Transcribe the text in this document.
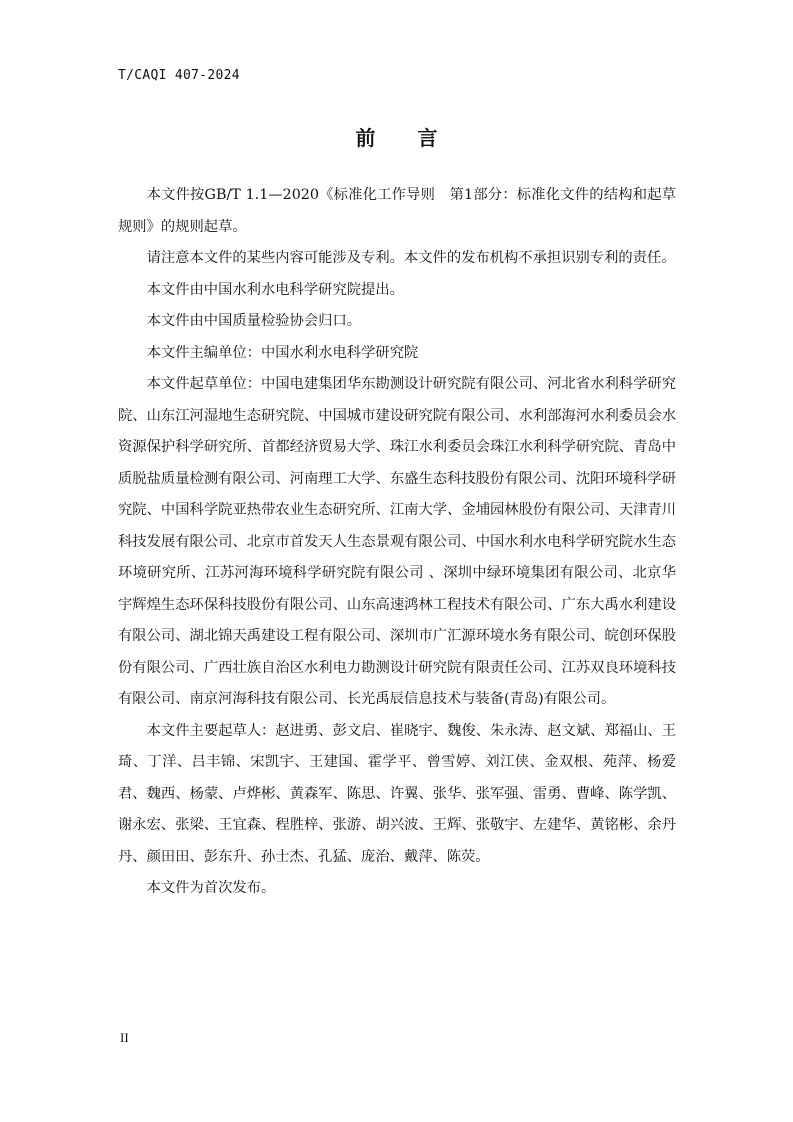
T/CAQI 407-2024
前言

本文件按GB/T 1.1—2020《标准化工作导则　第1部分：标准化文件的结构和起草规则》的规则起草。

请注意本文件的某些内容可能涉及专利。本文件的发布机构不承担识别专利的责任。

本文件由中国水利水电科学研究院提出。

本文件由中国质量检验协会归口。

本文件主编单位：中国水利水电科学研究院

本文件起草单位：中国电建集团华东勘测设计研究院有限公司、河北省水利科学研究院、山东江河湿地生态研究院、中国城市建设研究院有限公司、水利部海河水利委员会水资源保护科学研究所、首都经济贸易大学、珠江水利委员会珠江水利科学研究院、青岛中质脱盐质量检测有限公司、河南理工大学、东盛生态科技股份有限公司、沈阳环境科学研究院、中国科学院亚热带农业生态研究所、江南大学、金埔园林股份有限公司、天津青川科技发展有限公司、北京市首发天人生态景观有限公司、中国水利水电科学研究院水生态环境研究所、江苏河海环境科学研究院有限公司 、深圳中绿环境集团有限公司、北京华宇辉煌生态环保科技股份有限公司、山东高速鸿林工程技术有限公司、广东大禹水利建设有限公司、湖北锦天禹建设工程有限公司、深圳市广汇源环境水务有限公司、皖创环保股份有限公司、广西壮族自治区水利电力勘测设计研究院有限责任公司、江苏双良环境科技有限公司、南京河海科技有限公司、长光禹辰信息技术与装备(青岛)有限公司。

本文件主要起草人：赵进勇、彭文启、崔晓宇、魏俊、朱永涛、赵文斌、郑福山、王琦、丁洋、吕丰锦、宋凯宇、王建国、霍学平、曾雪婷、刘江侠、金双根、苑萍、杨爱君、魏西、杨蒙、卢烨彬、黄森军、陈思、许翼、张华、张军强、雷勇、曹峰、陈学凯、谢永宏、张梁、王宜森、程胜梓、张游、胡兴波、王辉、张敬宇、左建华、黄铭彬、余丹丹、颜田田、彭东升、孙士杰、孔猛、庞治、戴萍、陈荧。

本文件为首次发布。

II
